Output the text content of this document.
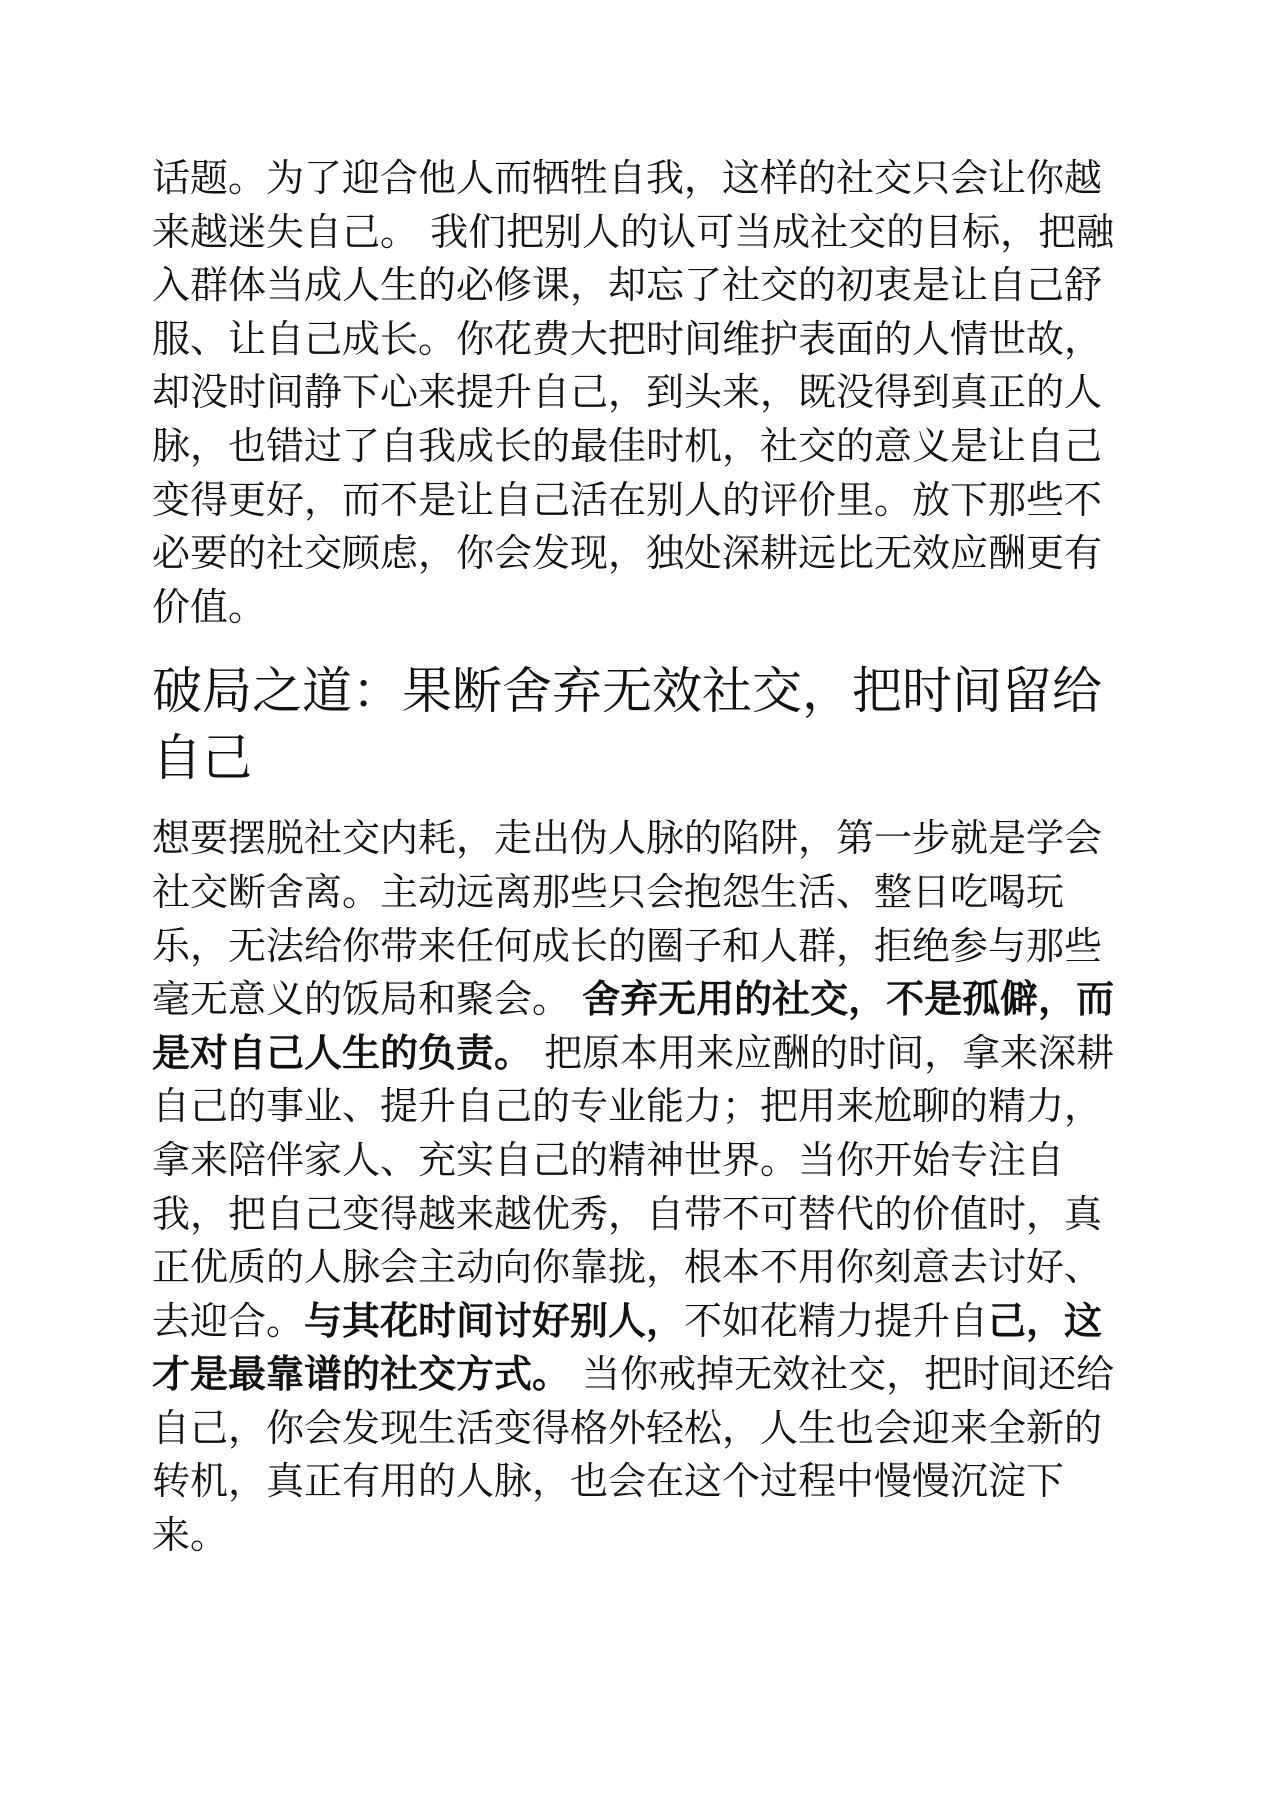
话题。为了迎合他人而牺牲自我，这样的社交只会让你越来越迷失自己。 我们把别人的认可当成社交的目标，把融入群体当成人生的必修课，却忘了社交的初衷是让自己舒服、让自己成长。你花费大把时间维护表面的人情世故，却没时间静下心来提升自己，到头来，既没得到真正的人脉，也错过了自我成长的最佳时机，社交的意义是让自己变得更好，而不是让自己活在别人的评价里。放下那些不必要的社交顾虑，你会发现，独处深耕远比无效应酬更有价值。

破局之道：果断舍弃无效社交，把时间留给自己

想要摆脱社交内耗，走出伪人脉的陷阱，第一步就是学会社交断舍离。主动远离那些只会抱怨生活、整日吃喝玩乐，无法给你带来任何成长的圈子和人群，拒绝参与那些毫无意义的饭局和聚会。 舍弃无用的社交，不是孤僻，而是对自己人生的负责。 把原本用来应酬的时间，拿来深耕自己的事业、提升自己的专业能力；把用来尬聊的精力，拿来陪伴家人、充实自己的精神世界。当你开始专注自我，把自己变得越来越优秀，自带不可替代的价值时，真正优质的人脉会主动向你靠拢，根本不用你刻意去讨好、去迎合。与其花时间讨好别人，不如花精力提升自己，这才是最靠谱的社交方式。 当你戒掉无效社交，把时间还给自己，你会发现生活变得格外轻松，人生也会迎来全新的转机，真正有用的人脉，也会在这个过程中慢慢沉淀下来。
